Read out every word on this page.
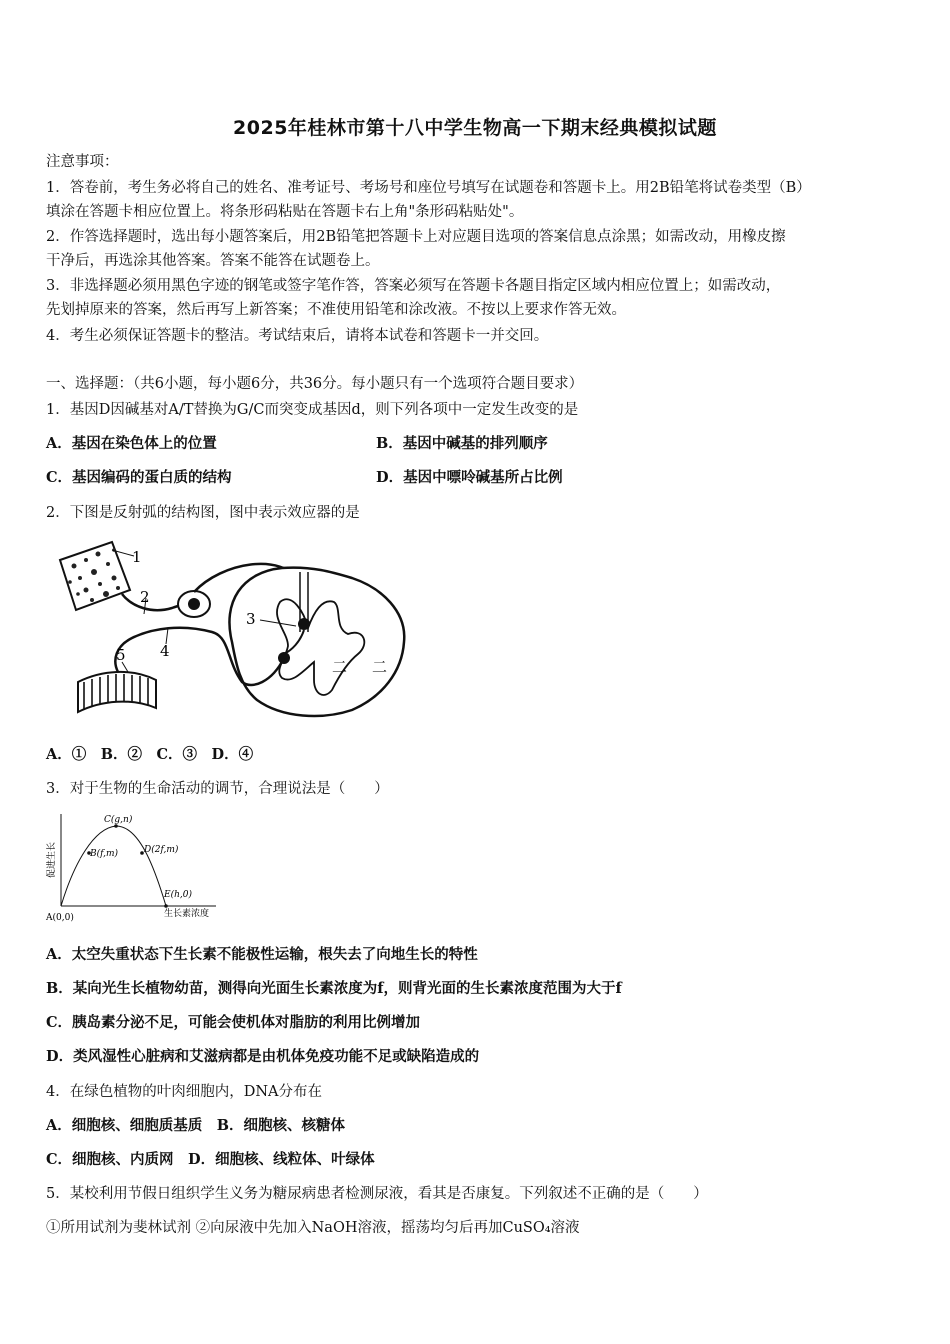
2025年桂林市第十八中学生物高一下期末经典模拟试题
注意事项：
1．答卷前，考生务必将自己的姓名、准考证号、考场号和座位号填写在试题卷和答题卡上。用2B铅笔将试卷类型（B）
填涂在答题卡相应位置上。将条形码粘贴在答题卡右上角"条形码粘贴处"。
2．作答选择题时，选出每小题答案后，用2B铅笔把答题卡上对应题目选项的答案信息点涂黑；如需改动，用橡皮擦
干净后，再选涂其他答案。答案不能答在试题卷上。
3．非选择题必须用黑色字迹的钢笔或签字笔作答，答案必须写在答题卡各题目指定区域内相应位置上；如需改动，
先划掉原来的答案，然后再写上新答案；不准使用铅笔和涂改液。不按以上要求作答无效。
4．考生必须保证答题卡的整洁。考试结束后，请将本试卷和答题卡一并交回。
一、选择题：（共6小题，每小题6分，共36分。每小题只有一个选项符合题目要求）
1．基因D因碱基对A/T替换为G/C而突变成基因d，则下列各项中一定发生改变的是
A．基因在染色体上的位置	B．基因中碱基的排列顺序
C．基因编码的蛋白质的结构	D．基因中嘌呤碱基所占比例
2．下图是反射弧的结构图，图中表示效应器的是
1
2
3
二 二
4
5
A．①　B．②　C．③　D．④
3．对于生物的生命活动的调节，合理说法是（　　）
促进生长
生长素浓度
A(0,0)
B(f,m)
C(g,n)
D(2f,m)
E(h,0)
A．太空失重状态下生长素不能极性运输，根失去了向地生长的特性
B．某向光生长植物幼苗，测得向光面生长素浓度为f，则背光面的生长素浓度范围为大于f
C．胰岛素分泌不足，可能会使机体对脂肪的利用比例增加
D．类风湿性心脏病和艾滋病都是由机体免疫功能不足或缺陷造成的
4．在绿色植物的叶肉细胞内，DNA分布在
A．细胞核、细胞质基质　B．细胞核、核糖体
C．细胞核、内质网　D．细胞核、线粒体、叶绿体
5．某校利用节假日组织学生义务为糖尿病患者检测尿液，看其是否康复。下列叙述不正确的是（　　）
①所用试剂为斐林试剂 ②向尿液中先加入NaOH溶液，摇荡均匀后再加CuSO₄溶液
